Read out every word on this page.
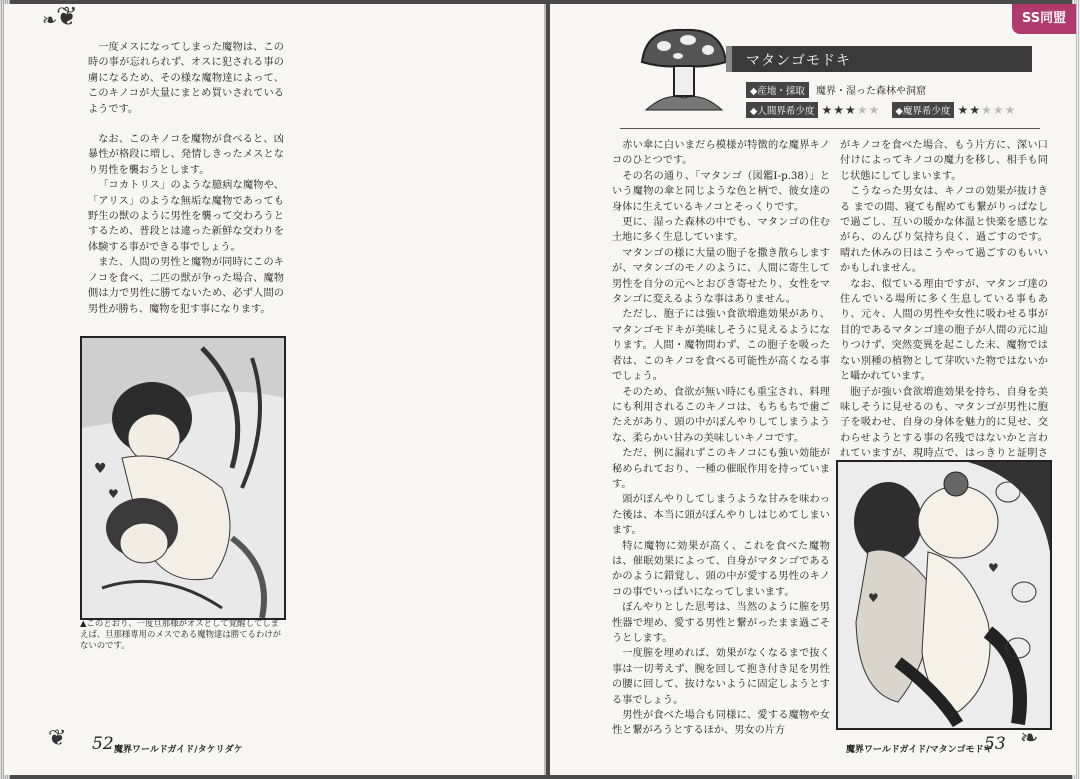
❦
❧

一度メスになってしまった魔物は、この時の事が忘れられず、オスに犯される事の虜になるため、その様な魔物達によって、このキノコが大量にまとめ買いされているようです。

なお、このキノコを魔物が食べると、凶暴性が格段に増し、発情しきったメスとなり男性を襲おうとします。

「コカトリス」のような臆病な魔物や、「アリス」のような無垢な魔物であっても野生の獣のように男性を襲って交わろうとするため、普段とは違った新鮮な交わりを体験する事ができる事でしょう。

また、人間の男性と魔物が同時にこのキノコを食べ、二匹の獣が争った場合、魔物側は力で男性に勝てないため、必ず人間の男性が勝ち、魔物を犯す事になります。

♥
♥
▲このとおり、一度旦那様がオスとして覚醒してしまえば、旦那様専用のメスである魔物達は勝てるわけがないのです。
❦ 52 魔界ワールドガイド/タケリダケ
SS同盟
マタンゴモドキ
◆産地・採取 魔界・湿った森林や洞窟
◆人間界希少度 ★★★★★ ◆魔界希少度 ★★★★★

赤い傘に白いまだら模様が特徴的な魔界キノコのひとつです。

その名の通り、「マタンゴ（図鑑Ⅰ-p.38）」という魔物の傘と同じような色と柄で、彼女達の身体に生えているキノコとそっくりです。

更に、湿った森林の中でも、マタンゴの住む土地に多く生息しています。

マタンゴの様に大量の胞子を撒き散らしますが、マタンゴのモノのように、人間に寄生して男性を自分の元へとおびき寄せたり、女性をマタンゴに変えるような事はありません。

ただし、胞子には強い食欲増進効果があり、マタンゴモドキが美味しそうに見えるようになります。人間・魔物問わず、この胞子を吸った者は、このキノコを食べる可能性が高くなる事でしょう。

そのため、食欲が無い時にも重宝され、料理にも利用されるこのキノコは、もちもちで歯ごたえがあり、頭の中がぽんやりしてしまうような、柔らかい甘みの美味しいキノコです。

ただ、例に漏れずこのキノコにも強い効能が秘められており、一種の催眠作用を持っています。

頭がぽんやりしてしまうような甘みを味わった後は、本当に頭がぽんやりしはじめてしまいます。

特に魔物に効果が高く、これを食べた魔物は、催眠効果によって、自身がマタンゴであるかのように錯覚し、頭の中が愛する男性のキノコの事でいっぱいになってしまいます。

ぼんやりとした思考は、当然のように膣を男性器で埋め、愛する男性と繋がったまま過ごそうとします。

一度膣を埋めれば、効果がなくなるまで抜く事は一切考えず、腕を回して抱き付き足を男性の腰に回して、抜けないように固定しようとする事でしょう。

男性が食べた場合も同様に、愛する魔物や女性と繋がろうとするほか、男女の片方

がキノコを食べた場合、もう片方に、深い口付けによってキノコの魔力を移し、相手も同じ状態にしてしまいます。

こうなった男女は、キノコの効果が抜けきる までの間、寝ても醒めても繋がりっぱなしで過ごし、互いの暖かな体温と快楽を感じながら、のんびり気持ち良く、過ごすのです。晴れた休みの日はこうやって過ごすのもいいかもしれません。

なお、似ている理由ですが、マタンゴ達の住んでいる場所に多く生息している事もあり、元々、人間の男性や女性に吸わせる事が目的であるマタンゴ達の胞子が人間の元に辿りつけず、突然変異を起こした末、魔物ではない別種の植物として芽吹いた物ではないかと囁かれています。

胞子が強い食欲増進効果を持ち、自身を美味しそうに見せるのも、マタンゴが男性に胞子を吸わせ、自身の身体を魅力的に見せ、交わらせようとする事の名残ではないかと言われていますが、現時点で、はっきりと証明さ

♥
♥
魔界ワールドガイド/マタンゴモドキ
53 ❧
